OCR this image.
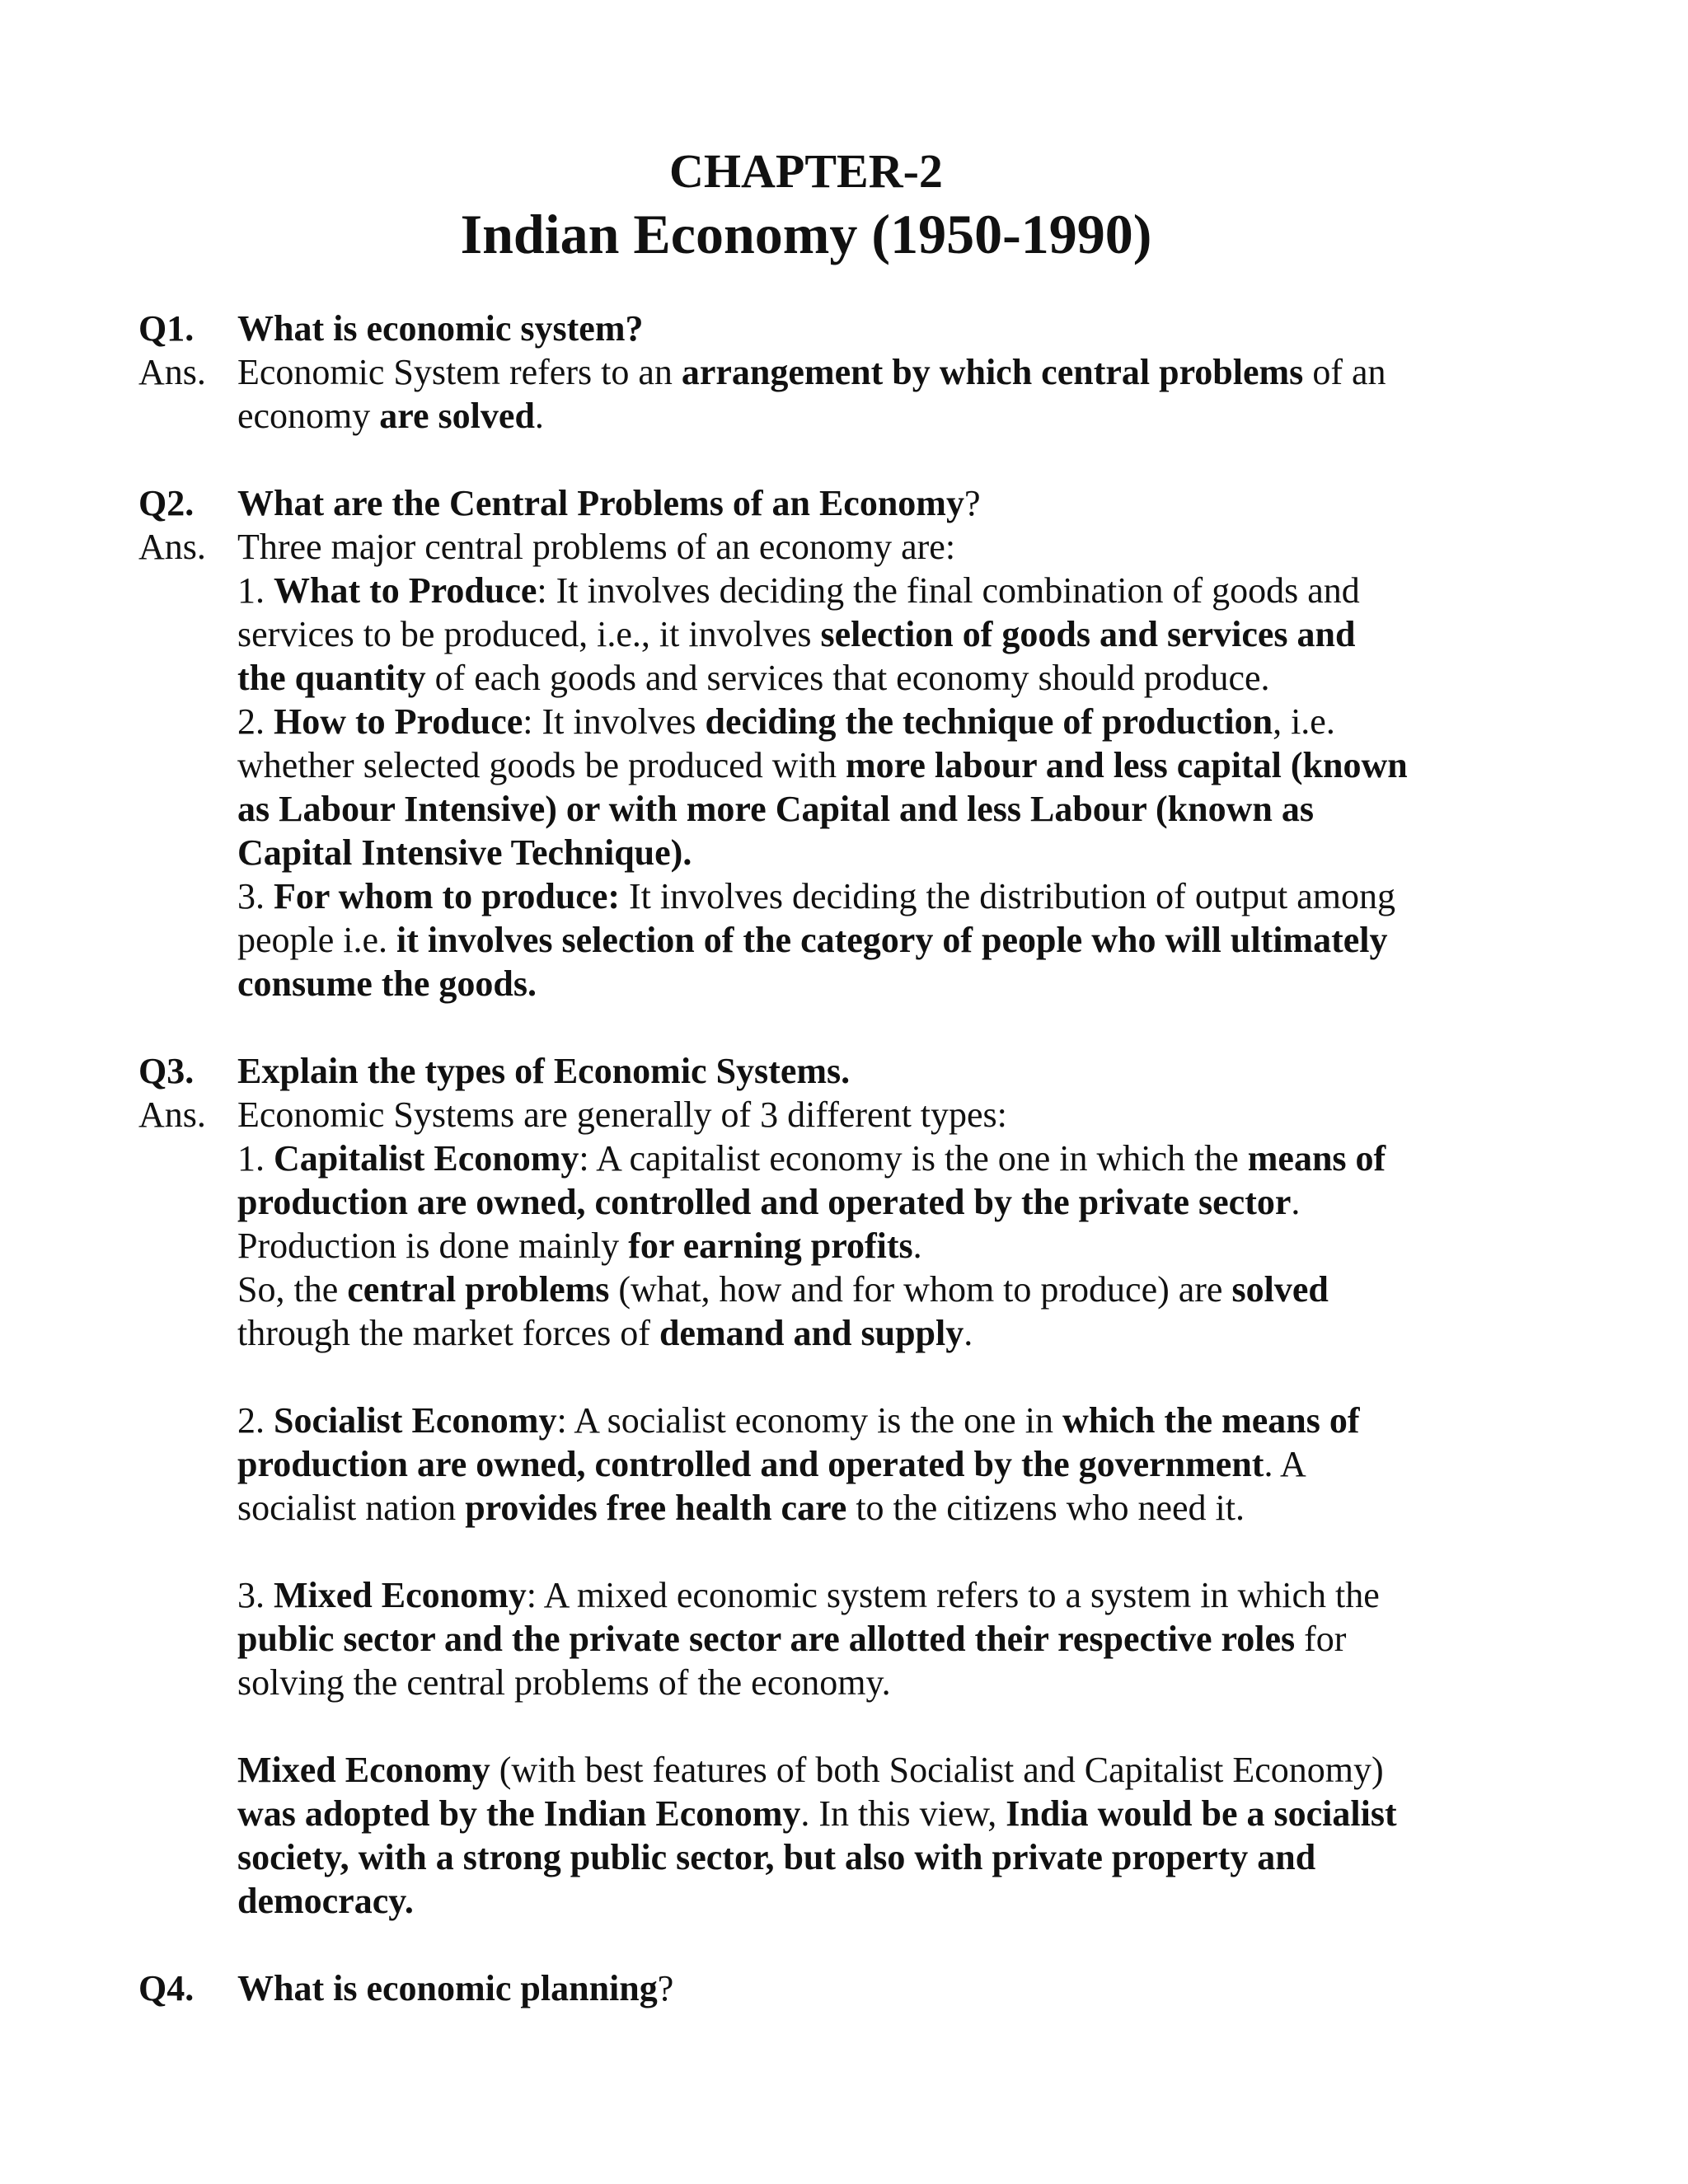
CHAPTER-2
Indian Economy (1950-1990)
Q1. What is economic system?
Ans. Economic System refers to an arrangement by which central problems of an
economy are solved.
Q2. What are the Central Problems of an Economy?
Ans. Three major central problems of an economy are:
1. What to Produce: It involves deciding the final combination of goods and
services to be produced, i.e., it involves selection of goods and services and
the quantity of each goods and services that economy should produce.
2. How to Produce: It involves deciding the technique of production, i.e.
whether selected goods be produced with more labour and less capital (known
as Labour Intensive) or with more Capital and less Labour (known as
Capital Intensive Technique).
3. For whom to produce: It involves deciding the distribution of output among
people i.e. it involves selection of the category of people who will ultimately
consume the goods.
Q3. Explain the types of Economic Systems.
Ans. Economic Systems are generally of 3 different types:
1. Capitalist Economy: A capitalist economy is the one in which the means of
production are owned, controlled and operated by the private sector.
Production is done mainly for earning profits.
So, the central problems (what, how and for whom to produce) are solved
through the market forces of demand and supply.
2. Socialist Economy: A socialist economy is the one in which the means of
production are owned, controlled and operated by the government. A
socialist nation provides free health care to the citizens who need it.
3. Mixed Economy: A mixed economic system refers to a system in which the
public sector and the private sector are allotted their respective roles for
solving the central problems of the economy.
Mixed Economy (with best features of both Socialist and Capitalist Economy)
was adopted by the Indian Economy. In this view, India would be a socialist
society, with a strong public sector, but also with private property and
democracy.
Q4. What is economic planning?
